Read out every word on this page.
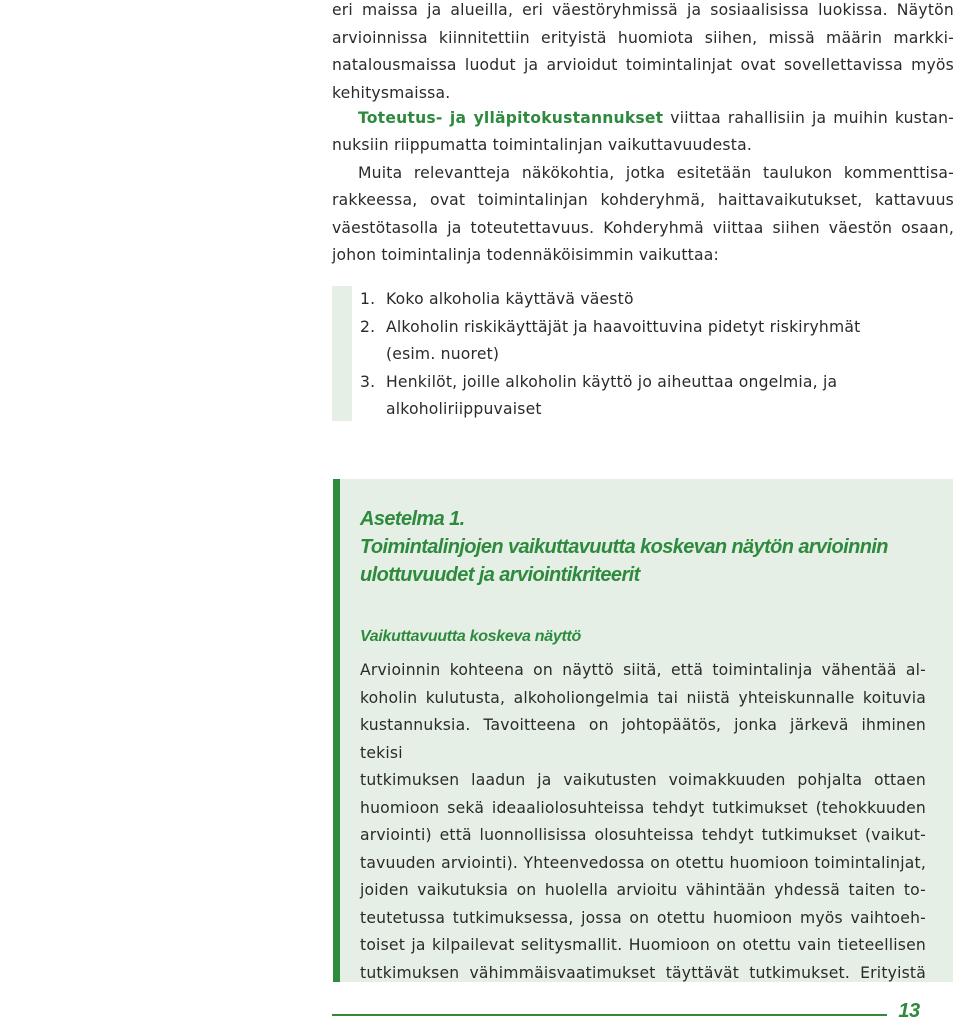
eri maissa ja alueilla, eri väestöryhmissä ja sosiaalisissa luokissa. Näytön
arvioinnissa kiinnitettiin erityistä huomiota siihen, missä määrin markki-
natalousmaissa luodut ja arvioidut toimintalinjat ovat sovellettavissa myös
kehitysmaissa.

Toteutus- ja ylläpitokustannukset viittaa rahallisiin ja muihin kustan-

nuksiin riippumatta toimintalinjan vaikuttavuudesta.

Muita relevantteja näkökohtia, jotka esitetään taulukon kommenttisa-

rakkeessa, ovat toimintalinjan kohderyhmä, haittavaikutukset, kattavuus
väestötasolla ja toteutettavuus. Kohderyhmä viittaa siihen väestön osaan,
johon toimintalinja todennäköisimmin vaikuttaa:

1. Koko alkoholia käyttävä väestö
2. Alkoholin riskikäyttäjät ja haavoittuvina pidetyt riskiryhmät (esim. nuoret)
3. Henkilöt, joille alkoholin käyttö jo aiheuttaa ongelmia, ja alkoholiriippuvaiset
Asetelma 1.
Toimintalinjojen vaikuttavuutta koskevan näytön arvioinnin
ulottuvuudet ja arviointikriteerit
Vaikuttavuutta koskeva näyttö

Arvioinnin kohteena on näyttö siitä, että toimintalinja vähentää al-
koholin kulutusta, alkoholiongelmia tai niistä yhteiskunnalle koituvia
kustannuksia. Tavoitteena on johtopäätös, jonka järkevä ihminen tekisi
tutkimuksen laadun ja vaikutusten voimakkuuden pohjalta ottaen
huomioon sekä ideaaliolosuhteissa tehdyt tutkimukset (tehokkuuden
arviointi) että luonnollisissa olosuhteissa tehdyt tutkimukset (vaikut-
tavuuden arviointi). Yhteenvedossa on otettu huomioon toimintalinjat,
joiden vaikutuksia on huolella arvioitu vähintään yhdessä taiten to-
teutetussa tutkimuksessa, jossa on otettu huomioon myös vaihtoeh-
toiset ja kilpailevat selitysmallit. Huomioon on otettu vain tieteellisen
tutkimuksen vähimmäisvaatimukset täyttävät tutkimukset. Erityistä

13
